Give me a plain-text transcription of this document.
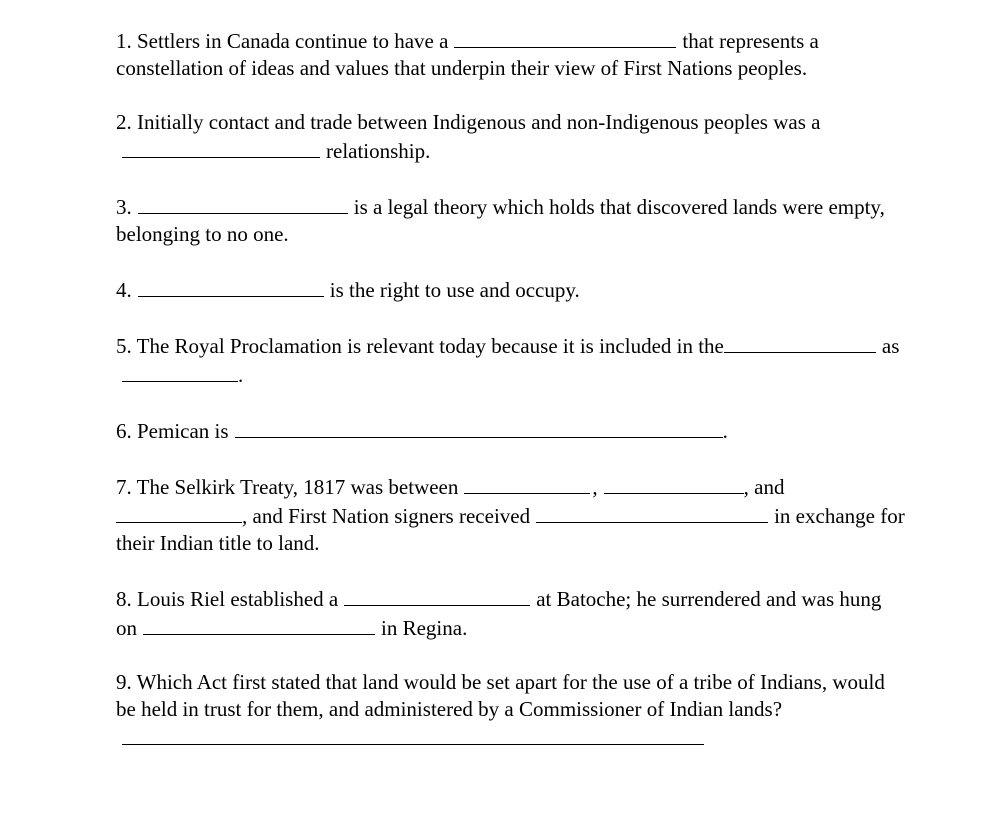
1. Settlers in Canada continue to have a	that represents a constellation of ideas and values that underpin their view of First Nations peoples.

2. Initially contact and trade between Indigenous and non-Indigenous peoples was arelationship.

3.	is a legal theory which holds that discovered lands were empty, belonging to no one.

4.	is the right to use and occupy.

5. The Royal Proclamation is relevant today because it is included in the	as.

6. Pemican is	.

7. The Selkirk Treaty, 1817 was between	,	, and , and First Nation signers received	in exchange for their Indian title to land.

8. Louis Riel established a	at Batoche; he surrendered and was hung on	in Regina.

9. Which Act first stated that land would be set apart for the use of a tribe of Indians, would be held in trust for them, and administered by a Commissioner of Indian lands?
